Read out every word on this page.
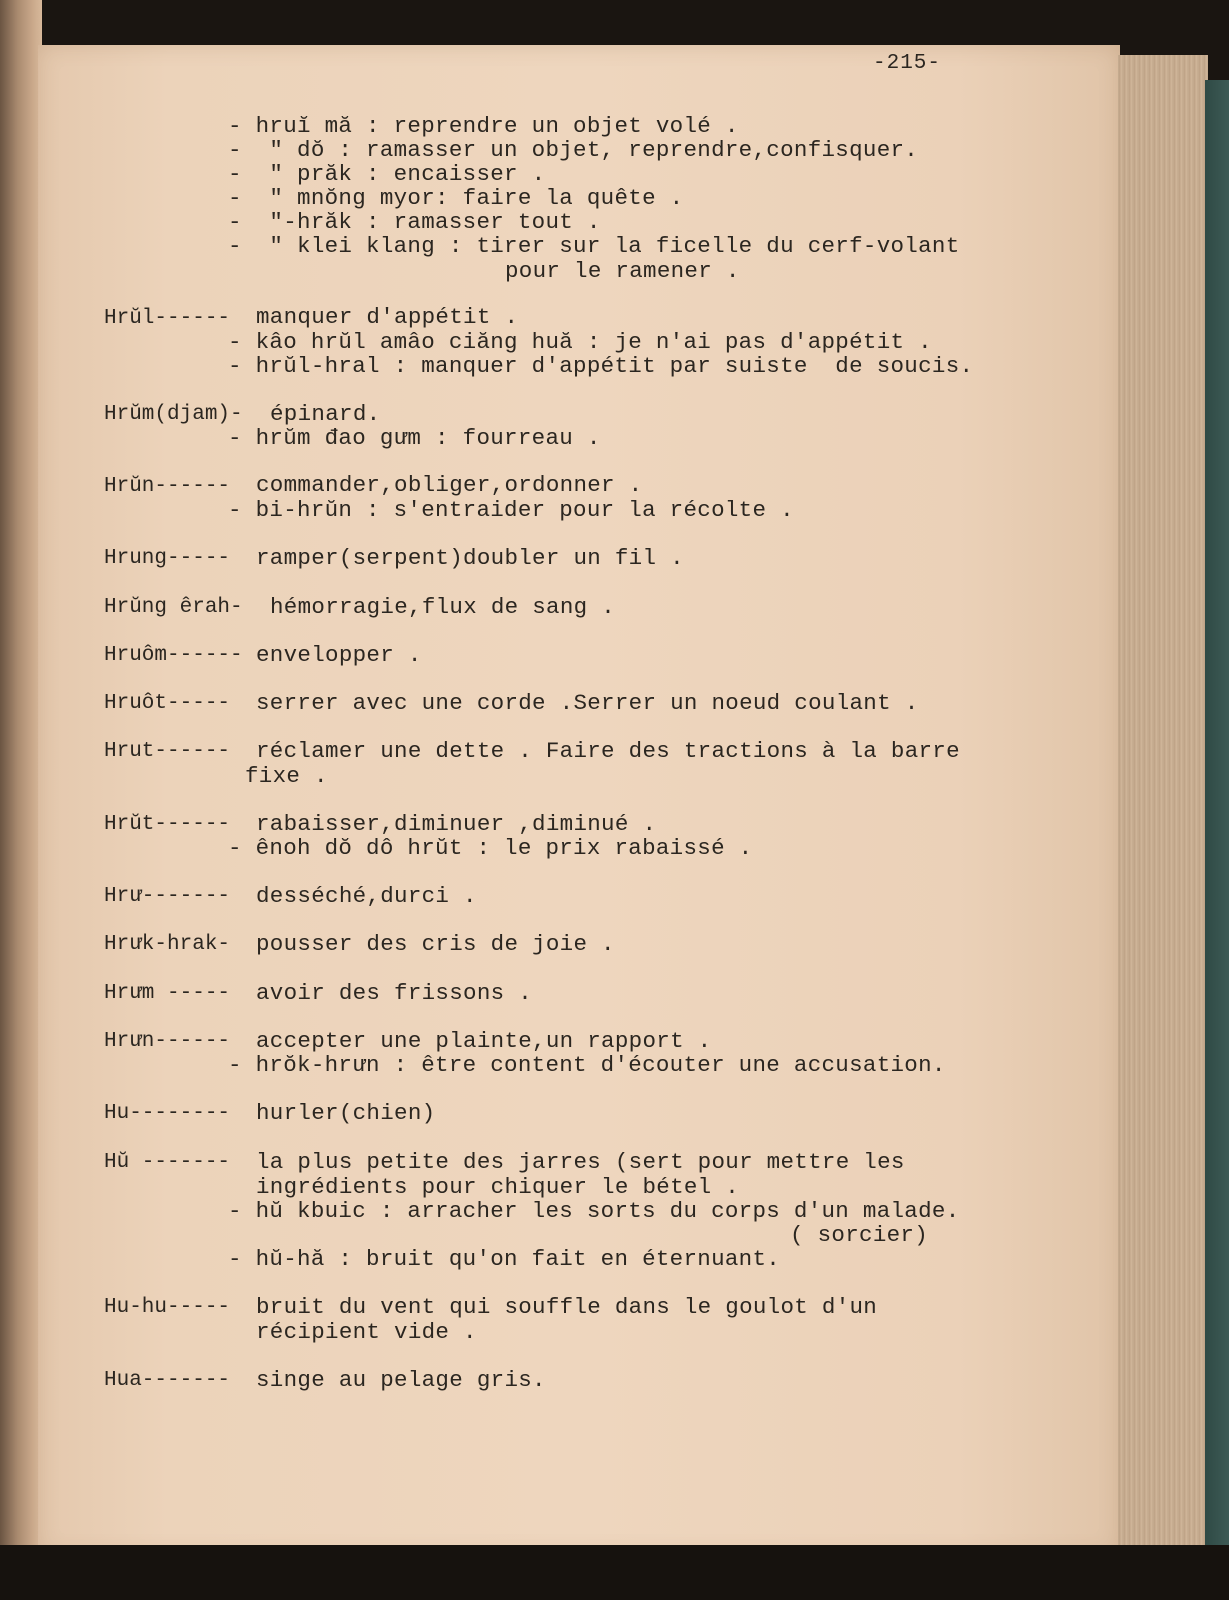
-215-
- hruĭ mă : reprendre un objet volé .
-  " dŏ : ramasser un objet, reprendre,confisquer.
-  " prăk : encaisser .
-  " mnŏng myor: faire la quête .
-  "-hrăk : ramasser tout .
-  " klei klang : tirer sur la ficelle du cerf-volant
pour le ramener .
Hrŭl------ manquer d'appétit .
- kâo hrŭl amâo ciăng huă : je n'ai pas d'appétit .
- hrŭl-hral : manquer d'appétit par suiste  de soucis.
Hrŭm(djam)- épinard.
- hrŭm đao gưm : fourreau .
Hrŭn------ commander,obliger,ordonner .
- bi-hrŭn : s'entraider pour la récolte .
Hrung----- ramper(serpent)doubler un fil .
Hrŭng êrah- hémorragie,flux de sang .
Hruôm------ envelopper .
Hruôt----- serrer avec une corde .Serrer un noeud coulant .
Hrut------ réclamer une dette . Faire des tractions à la barre
fixe .
Hrŭt------ rabaisser,diminuer ,diminué .
- ênoh dŏ dô hrŭt : le prix rabaissé .
Hrư------- desséché,durci .
Hrưk-hrak- pousser des cris de joie .
Hrưm ----- avoir des frissons .
Hrưn------ accepter une plainte,un rapport .
- hrŏk-hrưn : être content d'écouter une accusation.
Hu-------- hurler(chien)
Hŭ ------- la plus petite des jarres (sert pour mettre les
ingrédients pour chiquer le bétel .
- hŭ kbuic : arracher les sorts du corps d'un malade.
( sorcier)
- hŭ-hă : bruit qu'on fait en éternuant.
Hu-hu----- bruit du vent qui souffle dans le goulot d'un
récipient vide .
Hua------- singe au pelage gris.
